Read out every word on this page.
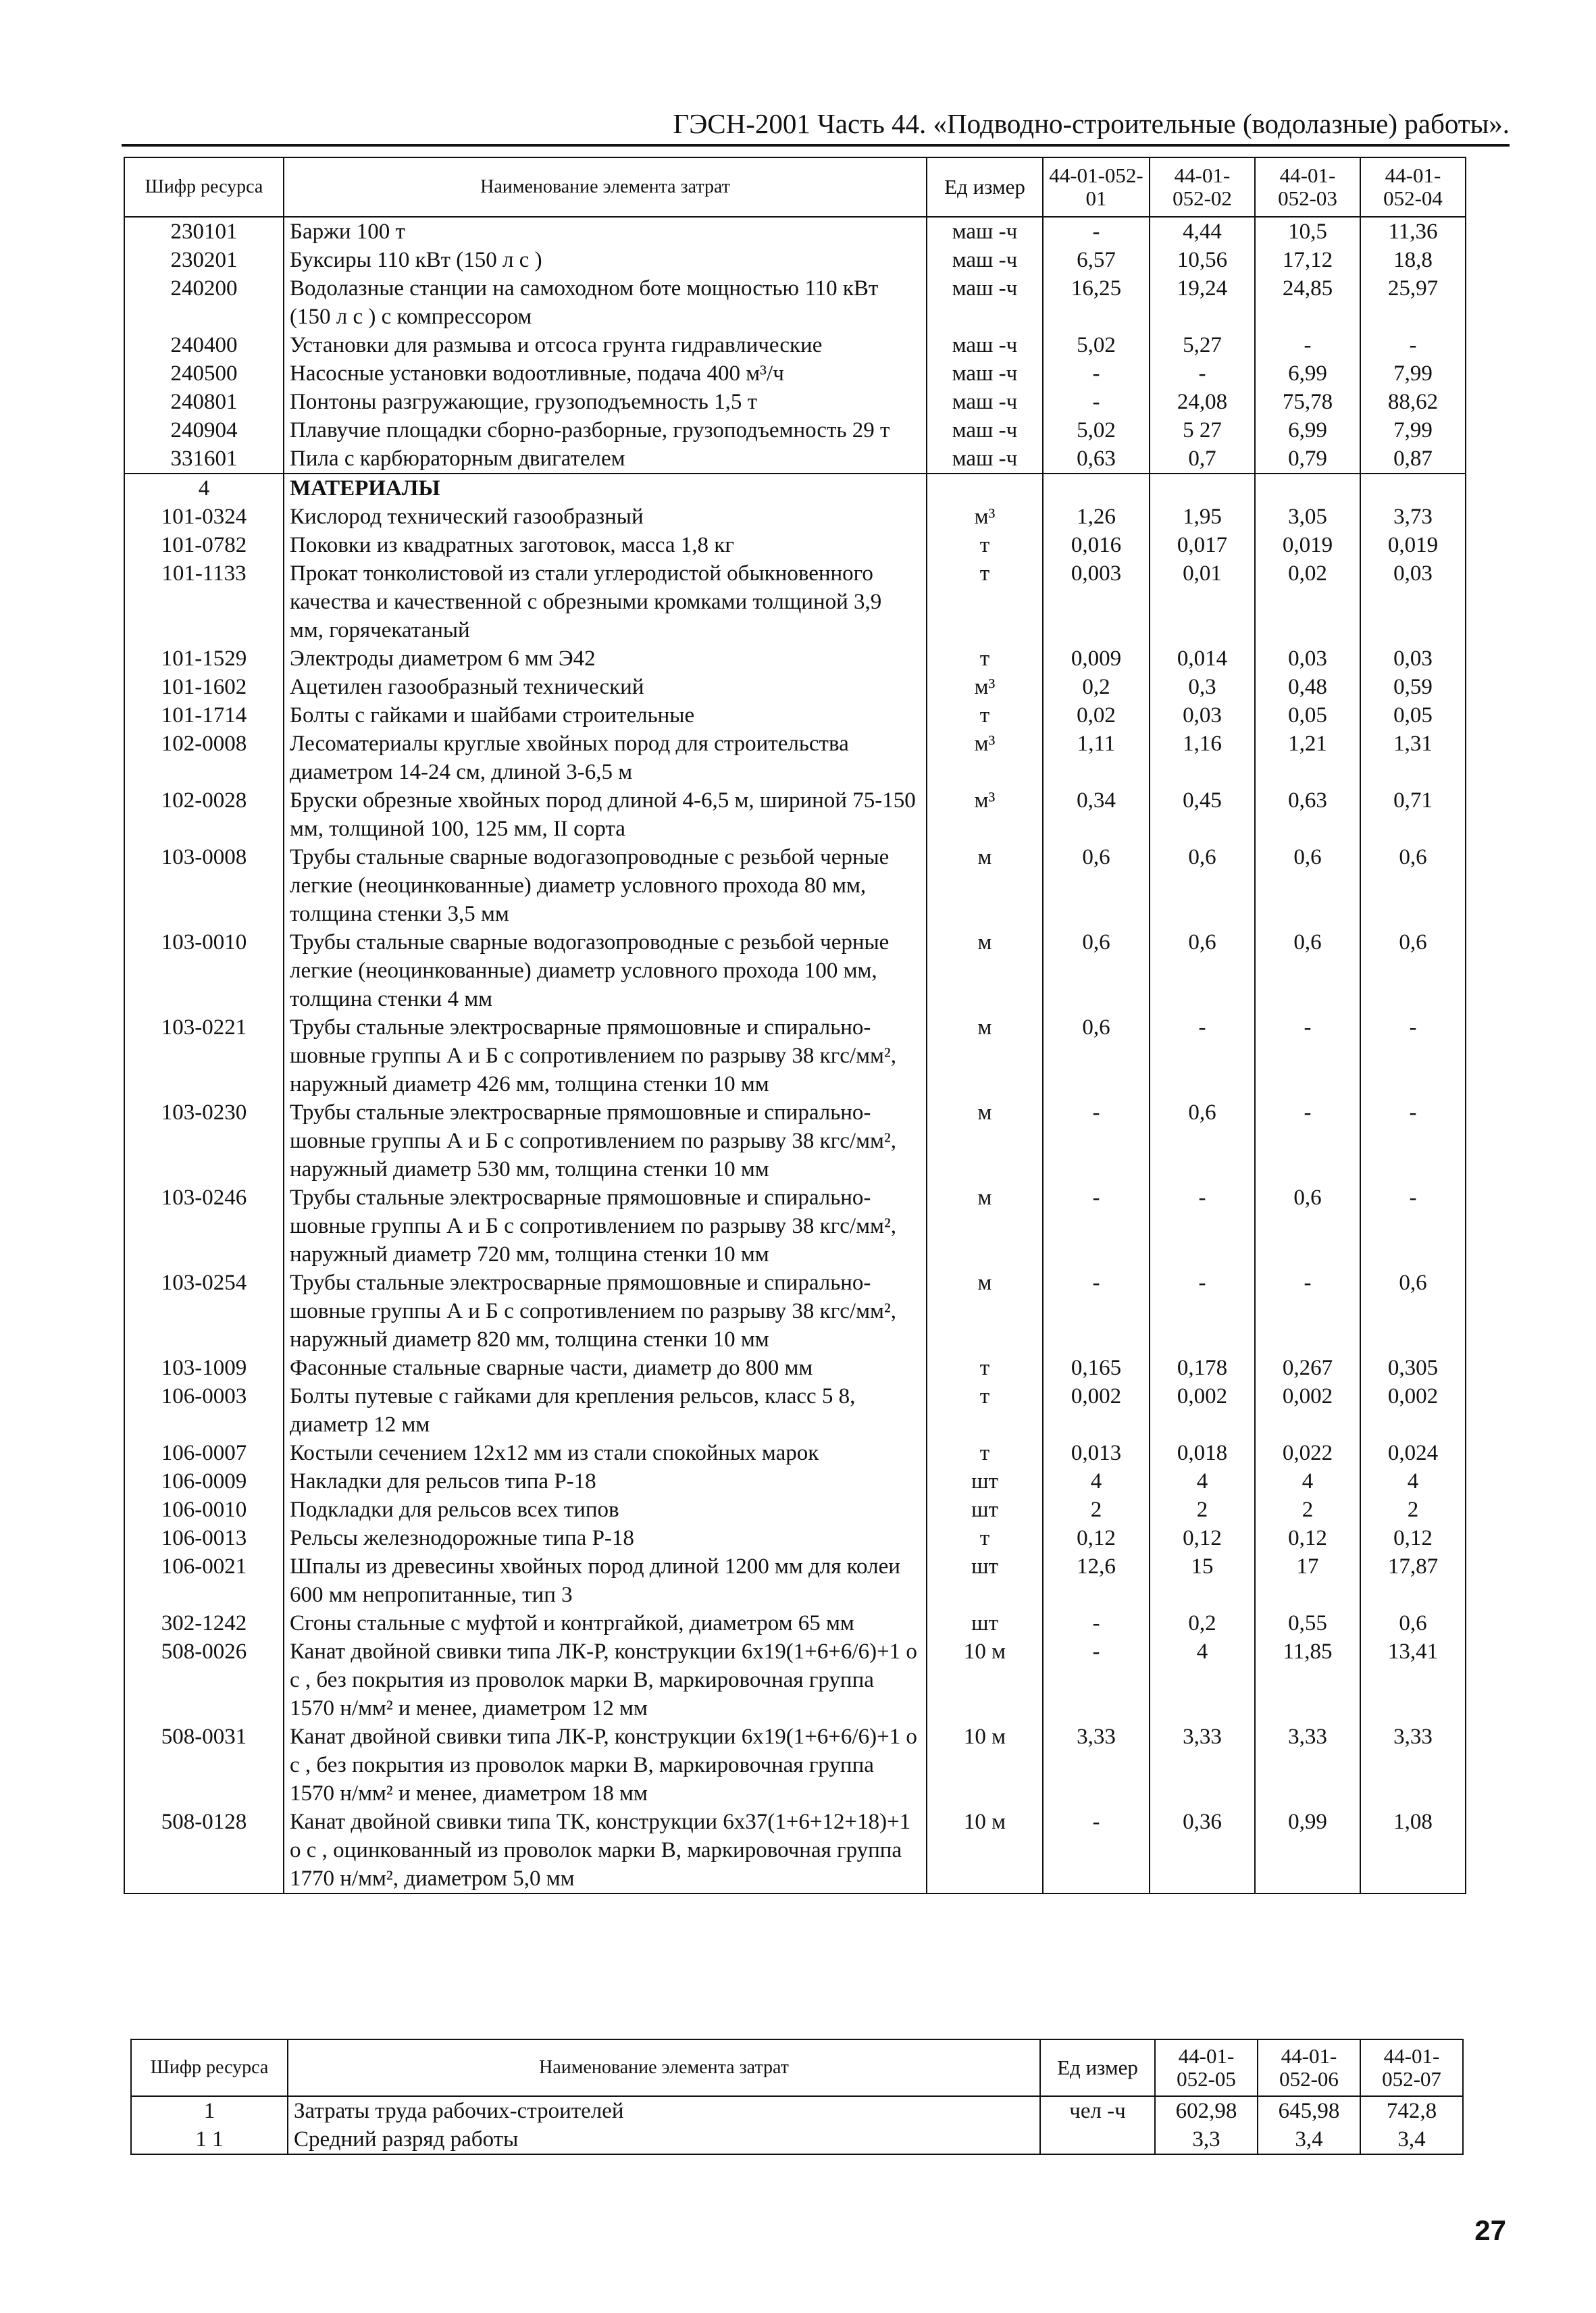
ГЭСН-2001 Часть 44. «Подводно-строительные (водолазные) работы».
Шифр ресурса	Наименование элемента затрат	Ед измер	44-01-052-01	44-01-052-02	44-01-052-03	44-01-052-04
230101	Баржи 100 т	маш -ч	-	4,44	10,5	11,36
230201	Буксиры 110 кВт (150 л с )	маш -ч	6,57	10,56	17,12	18,8
240200	Водолазные станции на самоходном боте мощностью 110 кВт (150 л с ) с компрессором	маш -ч	16,25	19,24	24,85	25,97
240400	Установки для размыва и отсоса грунта гидравлические	маш -ч	5,02	5,27	-	-
240500	Насосные установки водоотливные, подача 400 м³/ч	маш -ч	-	-	6,99	7,99
240801	Понтоны разгружающие, грузоподъемность 1,5 т	маш -ч	-	24,08	75,78	88,62
240904	Плавучие площадки сборно-разборные, грузоподъемность 29 т	маш -ч	5,02	5 27	6,99	7,99
331601	Пила с карбюраторным двигателем	маш -ч	0,63	0,7	0,79	0,87
4	МАТЕРИАЛЫ					
101-0324	Кислород технический газообразный	м³	1,26	1,95	3,05	3,73
101-0782	Поковки из квадратных заготовок, масса 1,8 кг	т	0,016	0,017	0,019	0,019
101-1133	Прокат тонколистовой из стали углеродистой обыкновенного качества и качественной с обрезными кромками толщиной 3,9 мм, горячекатаный	т	0,003	0,01	0,02	0,03
101-1529	Электроды диаметром 6 мм Э42	т	0,009	0,014	0,03	0,03
101-1602	Ацетилен газообразный технический	м³	0,2	0,3	0,48	0,59
101-1714	Болты с гайками и шайбами строительные	т	0,02	0,03	0,05	0,05
102-0008	Лесоматериалы круглые хвойных пород для строительства диаметром 14-24 см, длиной 3-6,5 м	м³	1,11	1,16	1,21	1,31
102-0028	Бруски обрезные хвойных пород длиной 4-6,5 м, шириной 75-150 мм, толщиной 100, 125 мм, II сорта	м³	0,34	0,45	0,63	0,71
103-0008	Трубы стальные сварные водогазопроводные с резьбой черные легкие (неоцинкованные) диаметр условного прохода 80 мм, толщина стенки 3,5 мм	м	0,6	0,6	0,6	0,6
103-0010	Трубы стальные сварные водогазопроводные с резьбой черные легкие (неоцинкованные) диаметр условного прохода 100 мм, толщина стенки 4 мм	м	0,6	0,6	0,6	0,6
103-0221	Трубы стальные электросварные прямошовные и спирально-шовные группы А и Б с сопротивлением по разрыву 38 кгс/мм², наружный диаметр 426 мм, толщина стенки 10 мм	м	0,6	-	-	-
103-0230	Трубы стальные электросварные прямошовные и спирально-шовные группы А и Б с сопротивлением по разрыву 38 кгс/мм², наружный диаметр 530 мм, толщина стенки 10 мм	м	-	0,6	-	-
103-0246	Трубы стальные электросварные прямошовные и спирально-шовные группы А и Б с сопротивлением по разрыву 38 кгс/мм², наружный диаметр 720 мм, толщина стенки 10 мм	м	-	-	0,6	-
103-0254	Трубы стальные электросварные прямошовные и спирально-шовные группы А и Б с сопротивлением по разрыву 38 кгс/мм², наружный диаметр 820 мм, толщина стенки 10 мм	м	-	-	-	0,6
103-1009	Фасонные стальные сварные части, диаметр до 800 мм	т	0,165	0,178	0,267	0,305
106-0003	Болты путевые с гайками для крепления рельсов, класс 5 8, диаметр 12 мм	т	0,002	0,002	0,002	0,002
106-0007	Костыли сечением 12х12 мм из стали спокойных марок	т	0,013	0,018	0,022	0,024
106-0009	Накладки для рельсов типа Р-18	шт	4	4	4	4
106-0010	Подкладки для рельсов всех типов	шт	2	2	2	2
106-0013	Рельсы железнодорожные типа Р-18	т	0,12	0,12	0,12	0,12
106-0021	Шпалы из древесины хвойных пород длиной 1200 мм для колеи 600 мм непропитанные, тип 3	шт	12,6	15	17	17,87
302-1242	Сгоны стальные с муфтой и контргайкой, диаметром 65 мм	шт	-	0,2	0,55	0,6
508-0026	Канат двойной свивки типа ЛК-Р, конструкции 6х19(1+6+6/6)+1 о с , без покрытия из проволок марки В, маркировочная группа 1570 н/мм² и менее, диаметром 12 мм	10 м	-	4	11,85	13,41
508-0031	Канат двойной свивки типа ЛК-Р, конструкции 6х19(1+6+6/6)+1 о с , без покрытия из проволок марки В, маркировочная группа 1570 н/мм² и менее, диаметром 18 мм	10 м	3,33	3,33	3,33	3,33
508-0128	Канат двойной свивки типа ТК, конструкции 6х37(1+6+12+18)+1 о с , оцинкованный из проволок марки В, маркировочная группа 1770 н/мм², диаметром 5,0 мм	10 м	-	0,36	0,99	1,08
Шифр ресурса	Наименование элемента затрат	Ед измер	44-01-052-05	44-01-052-06	44-01-052-07
1	Затраты труда рабочих-строителей	чел -ч	602,98	645,98	742,8
1 1	Средний разряд работы		3,3	3,4	3,4
27
